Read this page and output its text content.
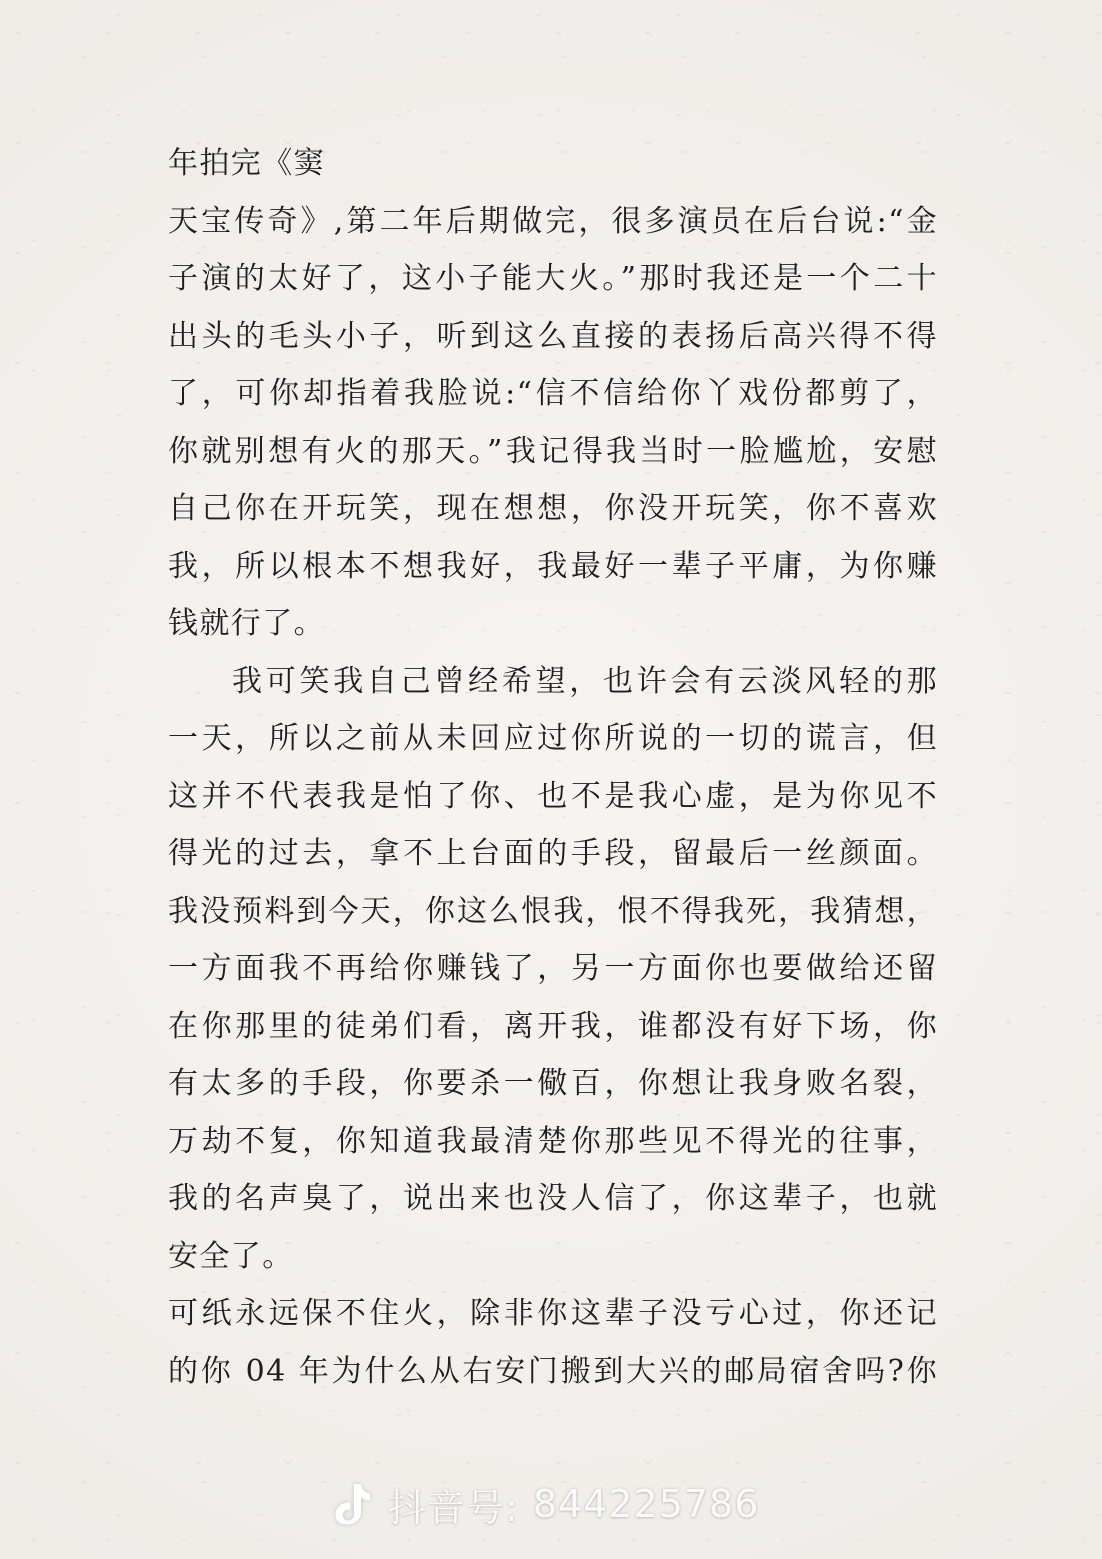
年拍完《窦
天宝传奇》,第二年后期做完，很多演员在后台说:“金
子演的太好了，这小子能大火。”那时我还是一个二十
出头的毛头小子，听到这么直接的表扬后高兴得不得
了，可你却指着我脸说:“信不信给你丫戏份都剪了，
你就别想有火的那天。”我记得我当时一脸尴尬，安慰
自己你在开玩笑，现在想想，你没开玩笑，你不喜欢
我，所以根本不想我好，我最好一辈子平庸，为你赚
钱就行了。
我可笑我自己曾经希望，也许会有云淡风轻的那
一天，所以之前从未回应过你所说的一切的谎言，但
这并不代表我是怕了你、也不是我心虚，是为你见不
得光的过去，拿不上台面的手段，留最后一丝颜面。
我没预料到今天，你这么恨我，恨不得我死，我猜想，
一方面我不再给你赚钱了，另一方面你也要做给还留
在你那里的徒弟们看，离开我，谁都没有好下场，你
有太多的手段，你要杀一儆百，你想让我身败名裂，
万劫不复，你知道我最清楚你那些见不得光的往事，
我的名声臭了，说出来也没人信了，你这辈子，也就
安全了。
可纸永远保不住火，除非你这辈子没亏心过，你还记
的你 04 年为什么从右安门搬到大兴的邮局宿舍吗?你
抖音号: 844225786
